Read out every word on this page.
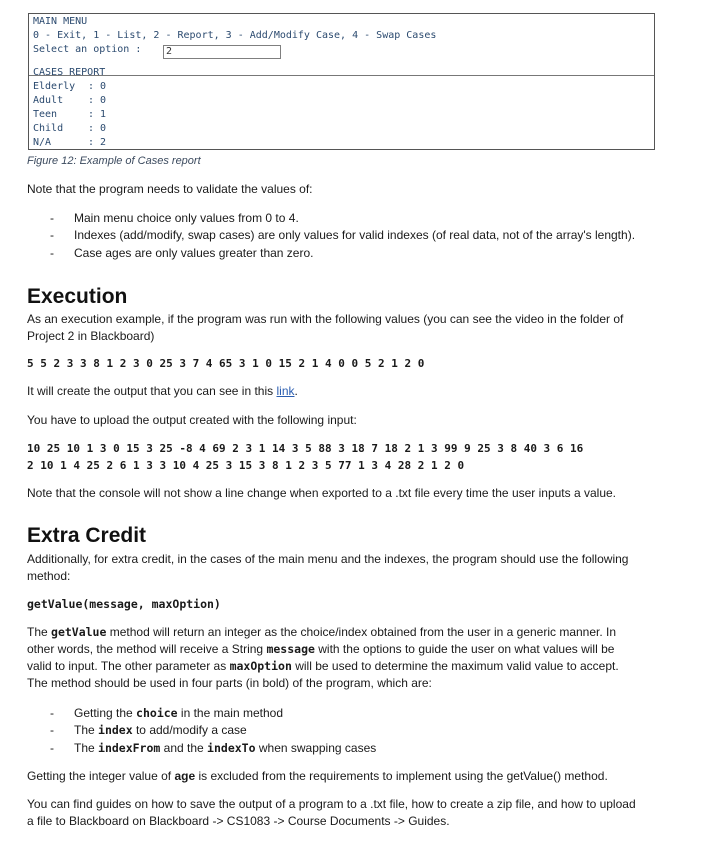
MAIN MENU
0 - Exit, 1 - List, 2 - Report, 3 - Add/Modify Case, 4 - Swap Cases
Select an option :	2
CASES REPORT
Elderly : 0
Adult : 0
Teen	: 1
Child : 0
N/A	: 2
Figure 12: Example of Cases report
Note that the program needs to validate the values of:
- Main menu choice only values from 0 to 4.
- Indexes (add/modify, swap cases) are only values for valid indexes (of real data, not of the array's length).
- Case ages are only values greater than zero.
Execution
As an execution example, if the program was run with the following values (you can see the video in the folder of
Project 2 in Blackboard)
5 5 2 3 3 8 1 2 3 0 25 3 7 4 65 3 1 0 15 2 1 4 0 0 5 2 1 2 0
It will create the output that you can see in this link.
You have to upload the output created with the following input:
10 25 10 1 3 0 15 3 25 -8 4 69 2 3 1 14 3 5 88 3 18 7 18 2 1 3 99 9 25 3 8 40 3 6 16
2 10 1 4 25 2 6 1 3 3 10 4 25 3 15 3 8 1 2 3 5 77 1 3 4 28 2 1 2 0
Note that the console will not show a line change when exported to a .txt file every time the user inputs a value.
Extra Credit
Additionally, for extra credit, in the cases of the main menu and the indexes, the program should use the following
method:
getValue(message, maxOption)
The getValue method will return an integer as the choice/index obtained from the user in a generic manner. In
other words, the method will receive a String message with the options to guide the user on what values will be
valid to input. The other parameter as maxOption will be used to determine the maximum valid value to accept.
The method should be used in four parts (in bold) of the program, which are:
- Getting the choice in the main method
- The index to add/modify a case
- The indexFrom and the indexTo when swapping cases
Getting the integer value of age is excluded from the requirements to implement using the getValue() method.
You can find guides on how to save the output of a program to a .txt file, how to create a zip file, and how to upload
a file to Blackboard on Blackboard -> CS1083 -> Course Documents -> Guides.
